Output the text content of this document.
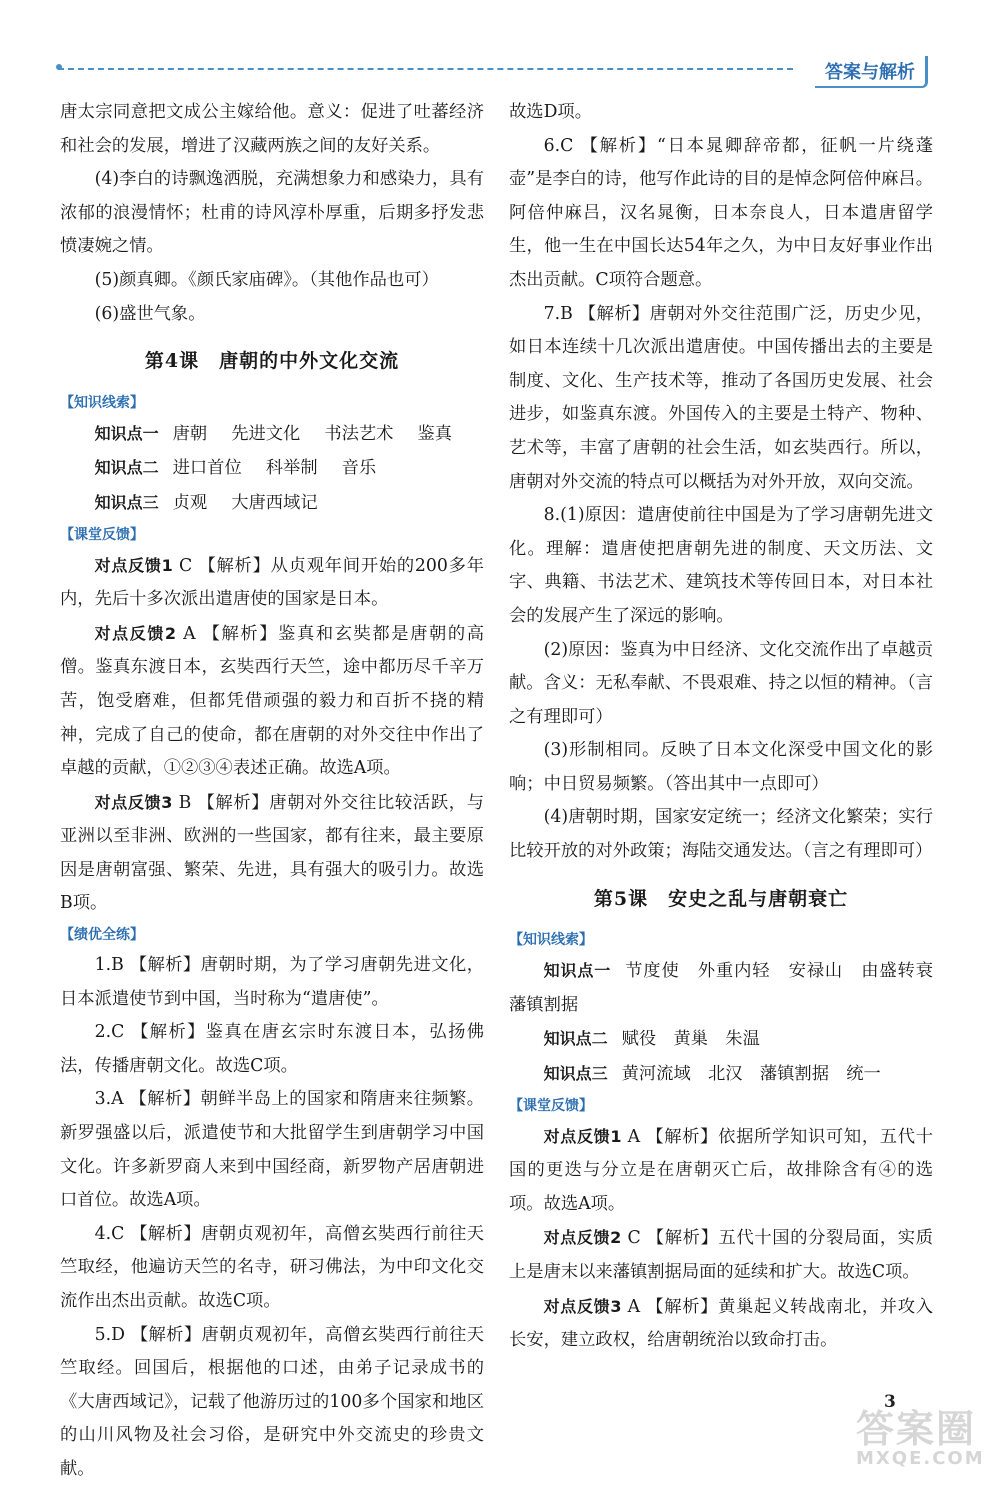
答案与解析

唐太宗同意把文成公主嫁给他。意义：促进了吐蕃经济和社会的发展，增进了汉藏两族之间的友好关系。

(4)李白的诗飘逸洒脱，充满想象力和感染力，具有浓郁的浪漫情怀；杜甫的诗风淳朴厚重，后期多抒发悲愤凄婉之情。

(5)颜真卿。《颜氏家庙碑》。（其他作品也可）

(6)盛世气象。

第4课　唐朝的中外文化交流
【知识线索】

知识点一 唐朝 先进文化 书法艺术 鉴真

知识点二 进口首位 科举制 音乐

知识点三 贞观 大唐西域记

【课堂反馈】

对点反馈1 C 【解析】从贞观年间开始的200多年内，先后十多次派出遣唐使的国家是日本。

对点反馈2 A 【解析】鉴真和玄奘都是唐朝的高僧。鉴真东渡日本，玄奘西行天竺，途中都历尽千辛万苦，饱受磨难，但都凭借顽强的毅力和百折不挠的精神，完成了自己的使命，都在唐朝的对外交往中作出了卓越的贡献，①②③④表述正确。故选A项。

对点反馈3 B 【解析】唐朝对外交往比较活跃，与亚洲以至非洲、欧洲的一些国家，都有往来，最主要原因是唐朝富强、繁荣、先进，具有强大的吸引力。故选B项。

【绩优全练】

1.B 【解析】唐朝时期，为了学习唐朝先进文化，日本派遣使节到中国，当时称为“遣唐使”。

2.C 【解析】鉴真在唐玄宗时东渡日本，弘扬佛法，传播唐朝文化。故选C项。

3.A 【解析】朝鲜半岛上的国家和隋唐来往频繁。新罗强盛以后，派遣使节和大批留学生到唐朝学习中国文化。许多新罗商人来到中国经商，新罗物产居唐朝进口首位。故选A项。

4.C 【解析】唐朝贞观初年，高僧玄奘西行前往天竺取经，他遍访天竺的名寺，研习佛法，为中印文化交流作出杰出贡献。故选C项。

5.D 【解析】唐朝贞观初年，高僧玄奘西行前往天竺取经。回国后，根据他的口述，由弟子记录成书的《大唐西域记》，记载了他游历过的100多个国家和地区的山川风物及社会习俗，是研究中外交流史的珍贵文献。

故选D项。

6.C 【解析】“日本晁卿辞帝都，征帆一片绕蓬壶”是李白的诗，他写作此诗的目的是悼念阿倍仲麻吕。阿倍仲麻吕，汉名晁衡，日本奈良人，日本遣唐留学生，他一生在中国长达54年之久，为中日友好事业作出杰出贡献。C项符合题意。

7.B 【解析】唐朝对外交往范围广泛，历史少见，如日本连续十几次派出遣唐使。中国传播出去的主要是制度、文化、生产技术等，推动了各国历史发展、社会进步，如鉴真东渡。外国传入的主要是土特产、物种、艺术等，丰富了唐朝的社会生活，如玄奘西行。所以，唐朝对外交流的特点可以概括为对外开放，双向交流。

8.(1)原因：遣唐使前往中国是为了学习唐朝先进文化。理解：遣唐使把唐朝先进的制度、天文历法、文字、典籍、书法艺术、建筑技术等传回日本，对日本社会的发展产生了深远的影响。

(2)原因：鉴真为中日经济、文化交流作出了卓越贡献。含义：无私奉献、不畏艰难、持之以恒的精神。（言之有理即可）

(3)形制相同。反映了日本文化深受中国文化的影响；中日贸易频繁。（答出其中一点即可）

(4)唐朝时期，国家安定统一；经济文化繁荣；实行比较开放的对外政策；海陆交通发达。（言之有理即可）

第5课　安史之乱与唐朝衰亡
【知识线索】

知识点一 节度使　外重内轻　安禄山　由盛转衰　藩镇割据

知识点二 赋役　黄巢　朱温

知识点三 黄河流域　北汉　藩镇割据　统一

【课堂反馈】

对点反馈1 A 【解析】依据所学知识可知，五代十国的更迭与分立是在唐朝灭亡后，故排除含有④的选项。故选A项。

对点反馈2 C 【解析】五代十国的分裂局面，实质上是唐末以来藩镇割据局面的延续和扩大。故选C项。

对点反馈3 A 【解析】黄巢起义转战南北，并攻入长安，建立政权，给唐朝统治以致命打击。

3
答案圈
MXQE.COM
